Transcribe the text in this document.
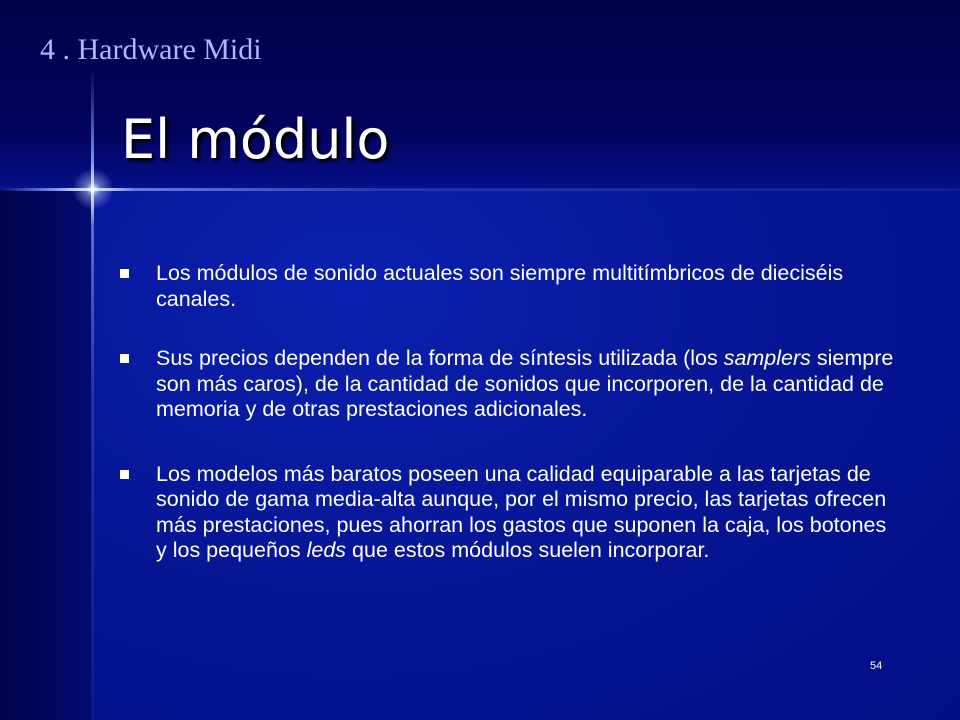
4 . Hardware Midi
El módulo
Los módulos de sonido actuales son siempre multitímbricos de dieciséis canales.
Sus precios dependen de la forma de síntesis utilizada (los samplers siempre son más caros), de la cantidad de sonidos que incorporen, de la cantidad de memoria y de otras prestaciones adicionales.
Los modelos más baratos poseen una calidad equiparable a las tarjetas de sonido de gama media-alta aunque, por el mismo precio, las tarjetas ofrecen más prestaciones, pues ahorran los gastos que suponen la caja, los botones y los pequeños leds que estos módulos suelen incorporar.
54
